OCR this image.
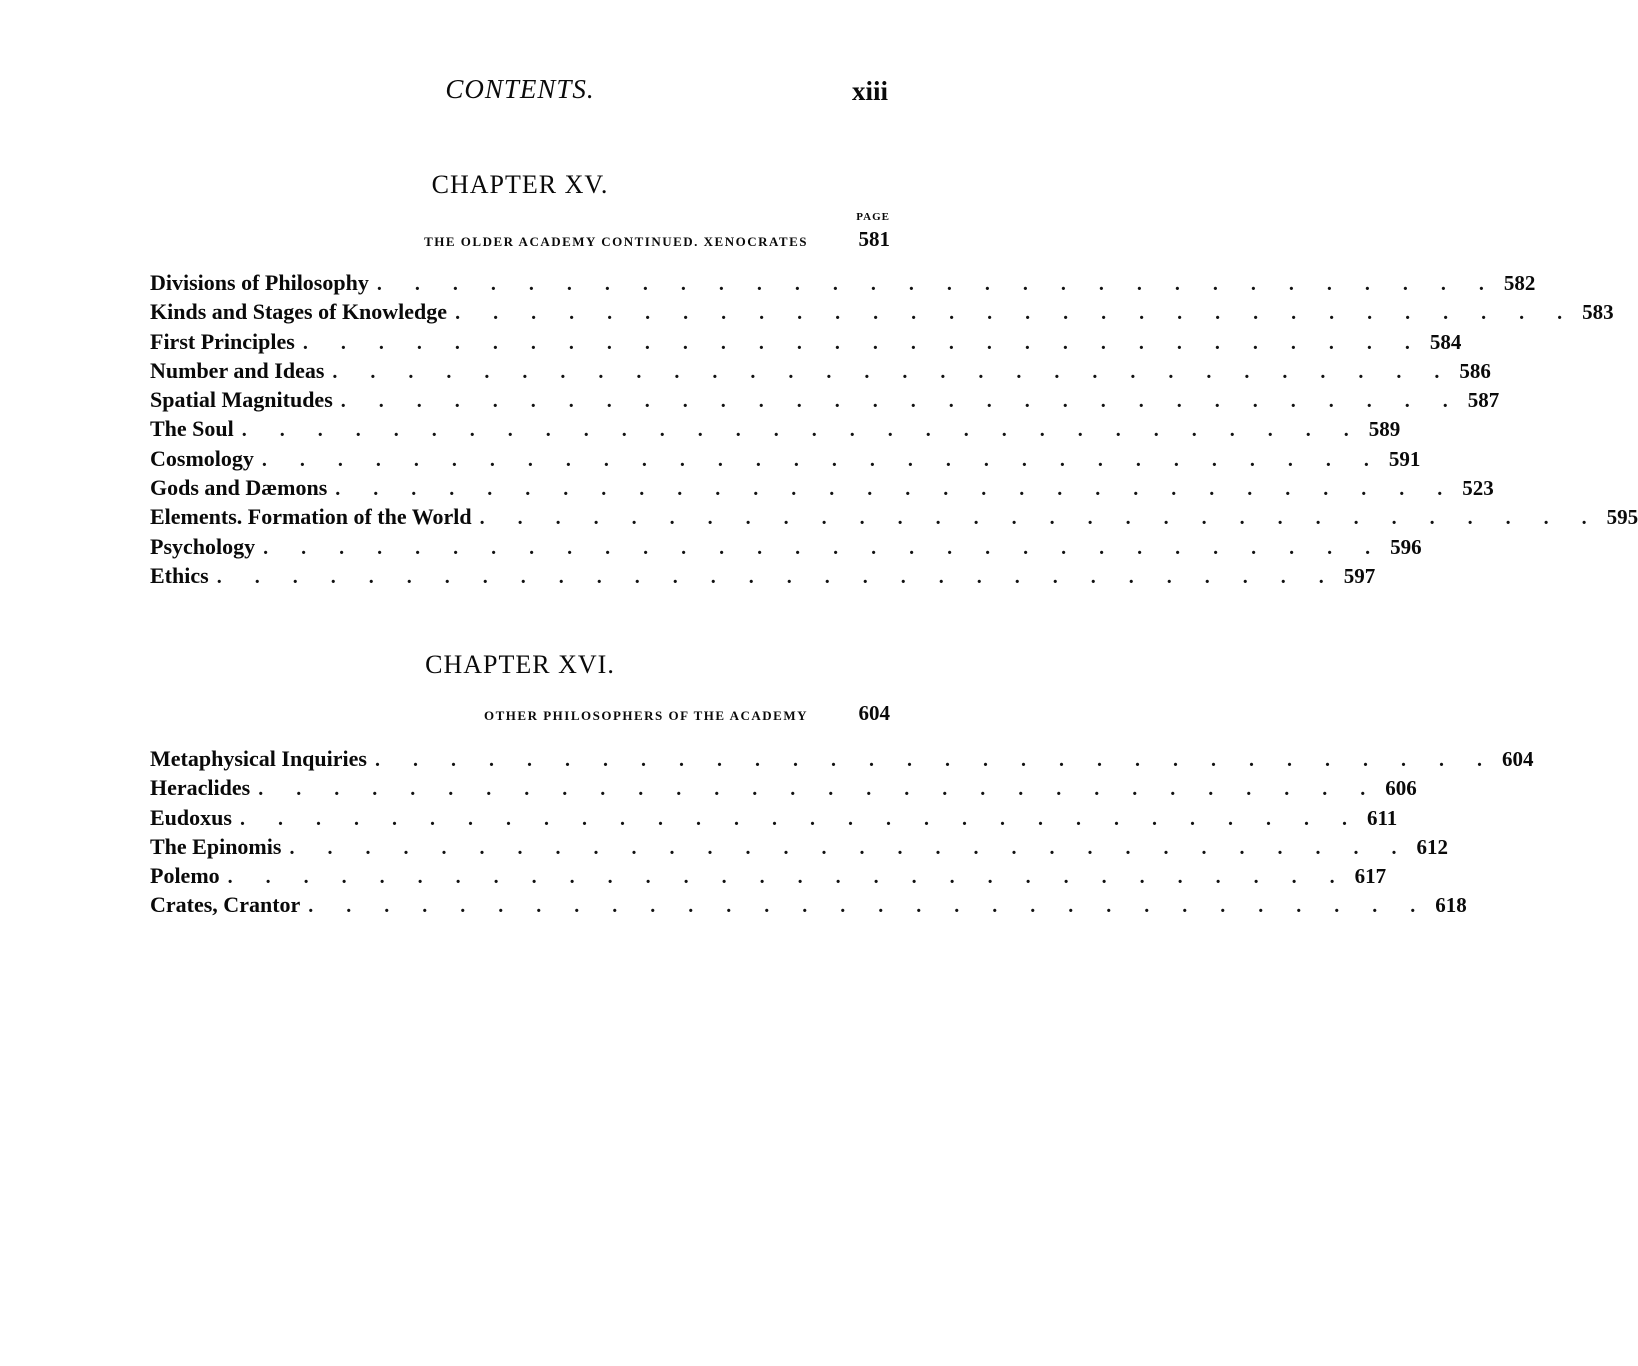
CONTENTS.	xiii
CHAPTER XV.
PAGE
THE OLDER ACADEMY CONTINUED. XENOCRATES	581
Divisions of Philosophy . . . . . . . . . . . . . . . . . . . . . . . . . . . . . . 582
Kinds and Stages of Knowledge . . . . . . . . . . . . . . . . . . . . . . . . . . . . . . 583
First Principles . . . . . . . . . . . . . . . . . . . . . . . . . . . . . . 584
Number and Ideas . . . . . . . . . . . . . . . . . . . . . . . . . . . . . . 586
Spatial Magnitudes . . . . . . . . . . . . . . . . . . . . . . . . . . . . . . 587
The Soul . . . . . . . . . . . . . . . . . . . . . . . . . . . . . . 589
Cosmology . . . . . . . . . . . . . . . . . . . . . . . . . . . . . . 591
Gods and Dæmons . . . . . . . . . . . . . . . . . . . . . . . . . . . . . . 523
Elements. Formation of the World . . . . . . . . . . . . . . . . . . . . . . . . . . . . . . 595
Psychology . . . . . . . . . . . . . . . . . . . . . . . . . . . . . . 596
Ethics . . . . . . . . . . . . . . . . . . . . . . . . . . . . . . 597
CHAPTER XVI.
OTHER PHILOSOPHERS OF THE ACADEMY	604
Metaphysical Inquiries . . . . . . . . . . . . . . . . . . . . . . . . . . . . . . 604
Heraclides . . . . . . . . . . . . . . . . . . . . . . . . . . . . . . 606
Eudoxus . . . . . . . . . . . . . . . . . . . . . . . . . . . . . . 611
The Epinomis . . . . . . . . . . . . . . . . . . . . . . . . . . . . . . 612
Polemo . . . . . . . . . . . . . . . . . . . . . . . . . . . . . . 617
Crates, Crantor . . . . . . . . . . . . . . . . . . . . . . . . . . . . . . 618
